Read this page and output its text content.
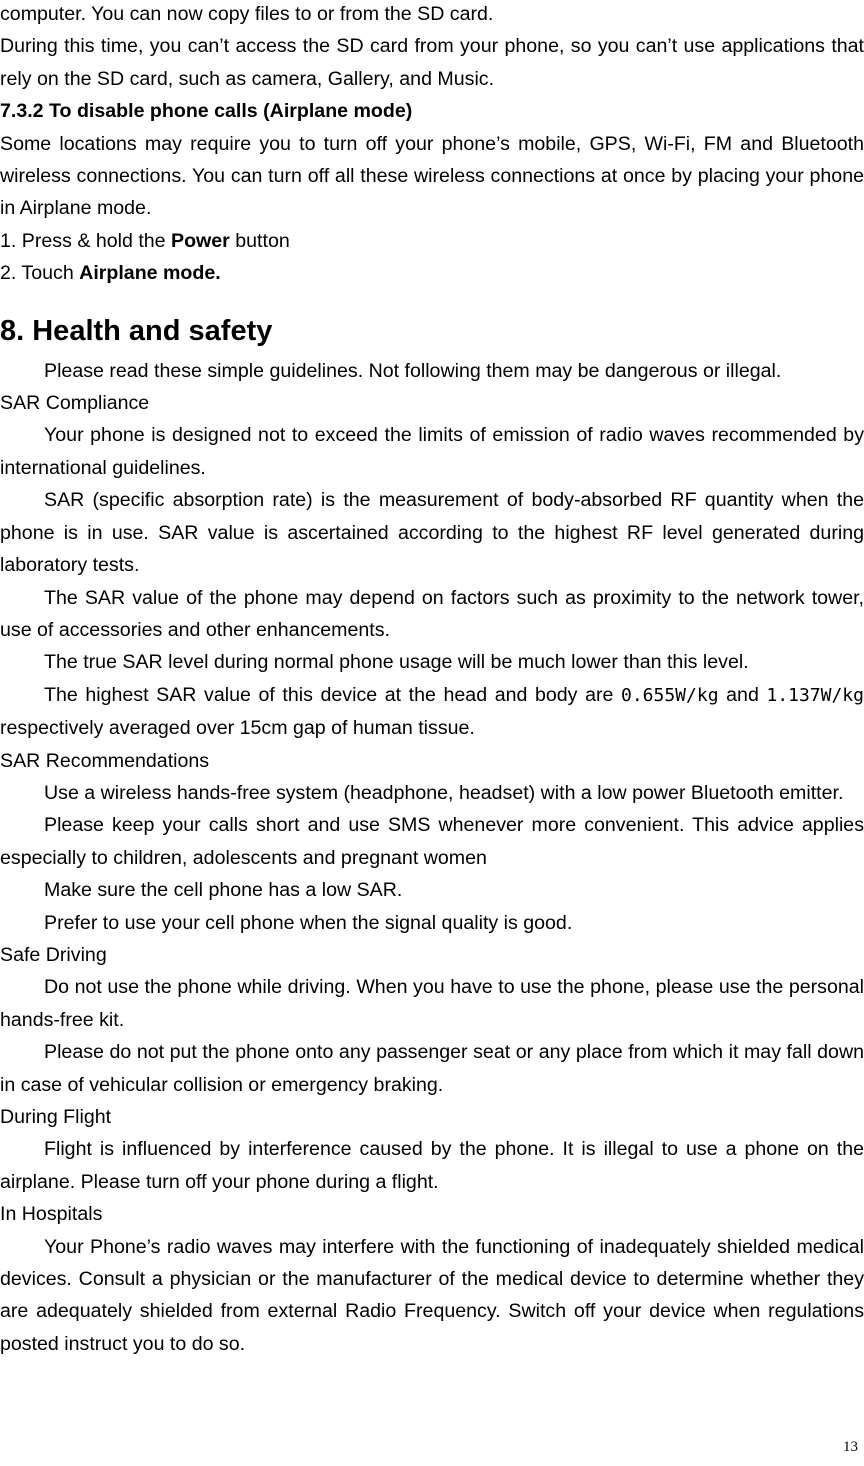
computer. You can now copy files to or from the SD card.

During this time, you can’t access the SD card from your phone, so you can’t use applications that rely on the SD card, such as camera, Gallery, and Music.

7.3.2 To disable phone calls (Airplane mode)

Some locations may require you to turn off your phone’s mobile, GPS, Wi-Fi, FM and Bluetooth wireless connections. You can turn off all these wireless connections at once by placing your phone in Airplane mode.

1. Press & hold the Power button

2. Touch Airplane mode.

8. Health and safety

Please read these simple guidelines. Not following them may be dangerous or illegal.

SAR Compliance

Your phone is designed not to exceed the limits of emission of radio waves recommended by international guidelines.

SAR (specific absorption rate) is the measurement of body-absorbed RF quantity when the phone is in use. SAR value is ascertained according to the highest RF level generated during laboratory tests.

The SAR value of the phone may depend on factors such as proximity to the network tower, use of accessories and other enhancements.

The true SAR level during normal phone usage will be much lower than this level.

The highest SAR value of this device at the head and body are 0.655W/kg and 1.137W/kg respectively averaged over 15cm gap of human tissue.

SAR Recommendations

Use a wireless hands-free system (headphone, headset) with a low power Bluetooth emitter.

Please keep your calls short and use SMS whenever more convenient. This advice applies especially to children, adolescents and pregnant women

Make sure the cell phone has a low SAR.

Prefer to use your cell phone when the signal quality is good.

Safe Driving

Do not use the phone while driving. When you have to use the phone, please use the personal hands-free kit.

Please do not put the phone onto any passenger seat or any place from which it may fall down in case of vehicular collision or emergency braking.

During Flight

Flight is influenced by interference caused by the phone. It is illegal to use a phone on the airplane. Please turn off your phone during a flight.

In Hospitals

Your Phone’s radio waves may interfere with the functioning of inadequately shielded medical devices. Consult a physician or the manufacturer of the medical device to determine whether they are adequately shielded from external Radio Frequency. Switch off your device when regulations posted instruct you to do so.

13
